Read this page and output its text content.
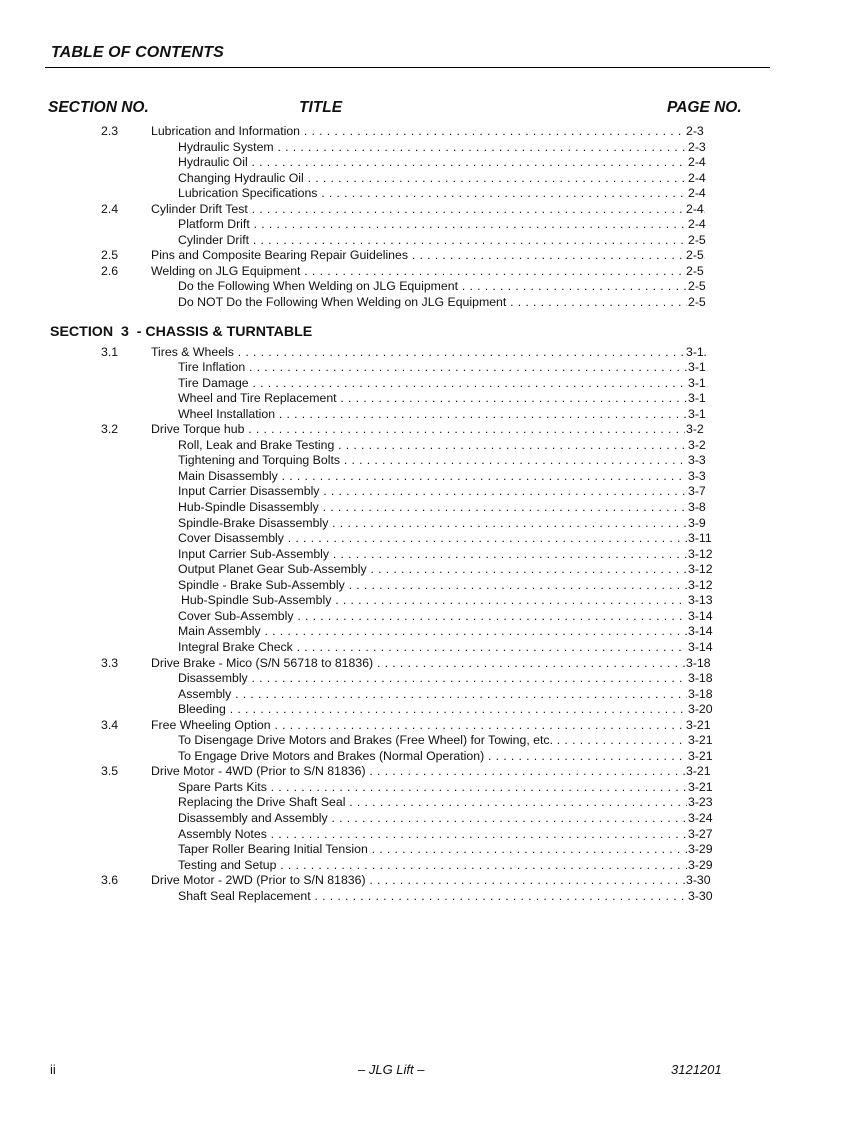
TABLE OF CONTENTS
SECTION NO.	TITLE	PAGE NO.
2.3	Lubrication and Information . . .	2-3
Hydraulic System . . .	2-3
Hydraulic Oil . . .	2-4
Changing Hydraulic Oil . . .	2-4
Lubrication Specifications . . .	2-4
2.4	Cylinder Drift Test . . .	2-4
Platform Drift . . .	2-4
Cylinder Drift . . .	2-5
2.5	Pins and Composite Bearing Repair Guidelines . . .	2-5
2.6	Welding on JLG Equipment . . .	2-5
Do the Following When Welding on JLG Equipment . . .	2-5
Do NOT Do the Following When Welding on JLG Equipment . . .	2-5
SECTION  3  - CHASSIS & TURNTABLE
3.1	Tires & Wheels . . .	3-1
Tire Inflation . . .	3-1
Tire Damage . . .	3-1
Wheel and Tire Replacement . . .	3-1
Wheel Installation . . .	3-1
3.2	Drive Torque hub . . .	3-2
Roll, Leak and Brake Testing . . .	3-2
Tightening and Torquing Bolts . . .	3-3
Main Disassembly . . .	3-3
Input Carrier Disassembly . . .	3-7
Hub-Spindle Disassembly . . .	3-8
Spindle-Brake Disassembly . . .	3-9
Cover Disassembly . . .	3-11
Input Carrier Sub-Assembly . . .	3-12
Output Planet Gear Sub-Assembly . . .	3-12
Spindle - Brake Sub-Assembly . . .	3-12
Hub-Spindle Sub-Assembly . . .	3-13
Cover Sub-Assembly . . .	3-14
Main Assembly . . .	3-14
Integral Brake Check . . .	3-14
3.3	Drive Brake - Mico (S/N 56718 to 81836) . . .	3-18
Disassembly . . .	3-18
Assembly . . .	3-18
Bleeding . . .	3-20
3.4	Free Wheeling Option . . .	3-21
To Disengage Drive Motors and Brakes (Free Wheel) for Towing, etc. . . .	3-21
To Engage Drive Motors and Brakes (Normal Operation) . . .	3-21
3.5	Drive Motor - 4WD (Prior to S/N 81836) . . .	3-21
Spare Parts Kits . . .	3-21
Replacing the Drive Shaft Seal . . .	3-23
Disassembly and Assembly . . .	3-24
Assembly Notes . . .	3-27
Taper Roller Bearing Initial Tension . . .	3-29
Testing and Setup . . .	3-29
3.6	Drive Motor - 2WD (Prior to S/N 81836) . . .	3-30
Shaft Seal Replacement . . .	3-30
ii	– JLG Lift –	3121201
